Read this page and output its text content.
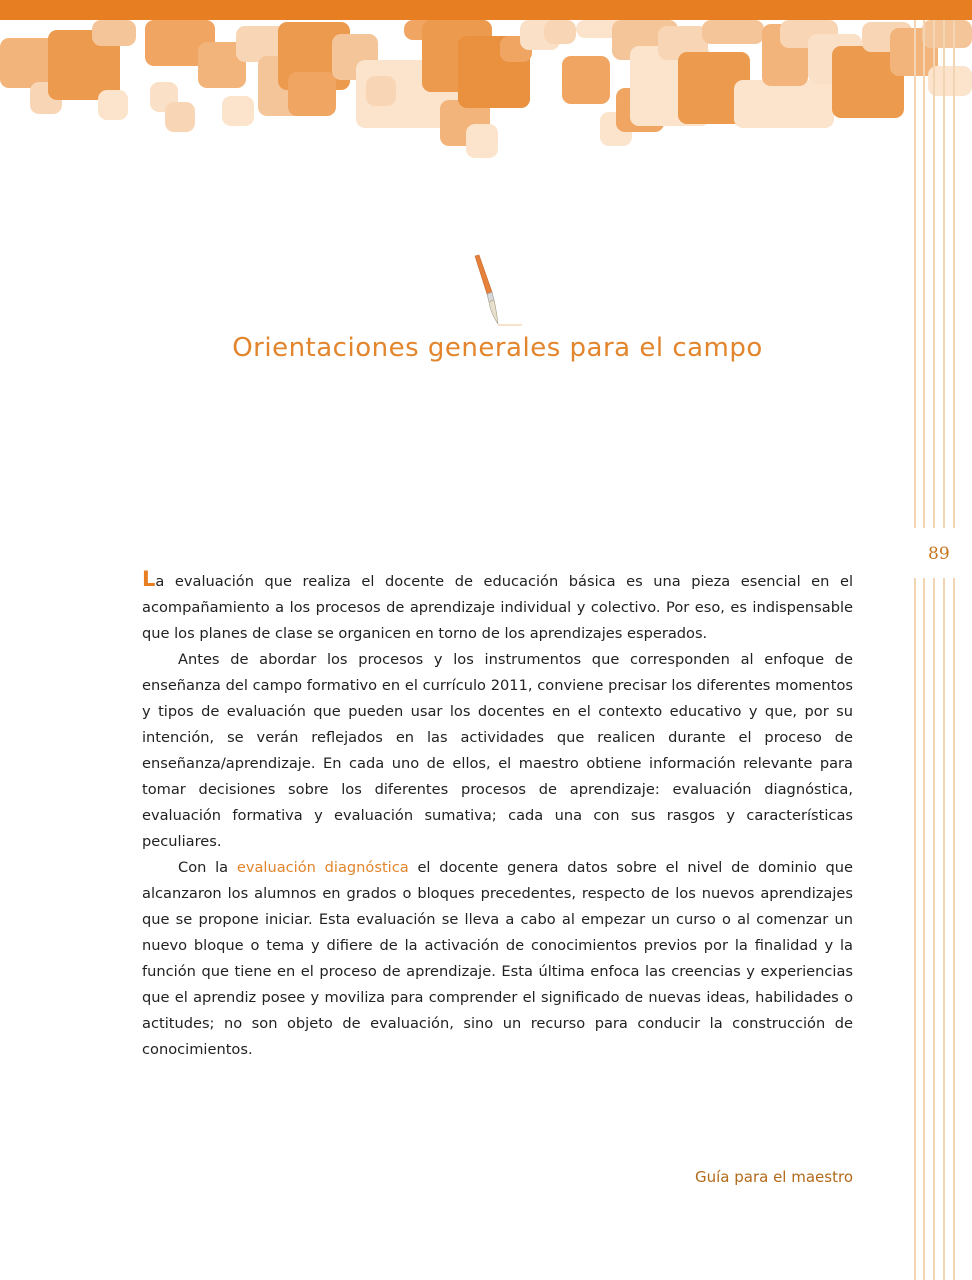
89
Orientaciones generales para el campo

La evaluación que realiza el docente de educación básica es una pieza esencial en el acompañamiento a los procesos de aprendizaje individual y colectivo. Por eso, es indispensable que los planes de clase se organicen en torno de los aprendizajes esperados.

Antes de abordar los procesos y los instrumentos que corresponden al enfoque de enseñanza del campo formativo en el currículo 2011, conviene precisar los diferentes momentos y tipos de evaluación que pueden usar los docentes en el contexto educativo y que, por su intención, se verán reflejados en las actividades que realicen durante el proceso de enseñanza/aprendizaje. En cada uno de ellos, el maestro obtiene información relevante para tomar decisiones sobre los diferentes procesos de aprendizaje: evaluación diagnóstica, evaluación formativa y evaluación sumativa; cada una con sus rasgos y características peculiares.

Con la evaluación diagnóstica el docente genera datos sobre el nivel de dominio que alcanzaron los alumnos en grados o bloques precedentes, respecto de los nuevos aprendizajes que se propone iniciar. Esta evaluación se lleva a cabo al empezar un curso o al comenzar un nuevo bloque o tema y difiere de la activación de conocimientos previos por la finalidad y la función que tiene en el proceso de aprendizaje. Esta última enfoca las creencias y experiencias que el aprendiz posee y moviliza para comprender el significado de nuevas ideas, habilidades o actitudes; no son objeto de evaluación, sino un recurso para conducir la construcción de conocimientos.

Guía para el maestro
